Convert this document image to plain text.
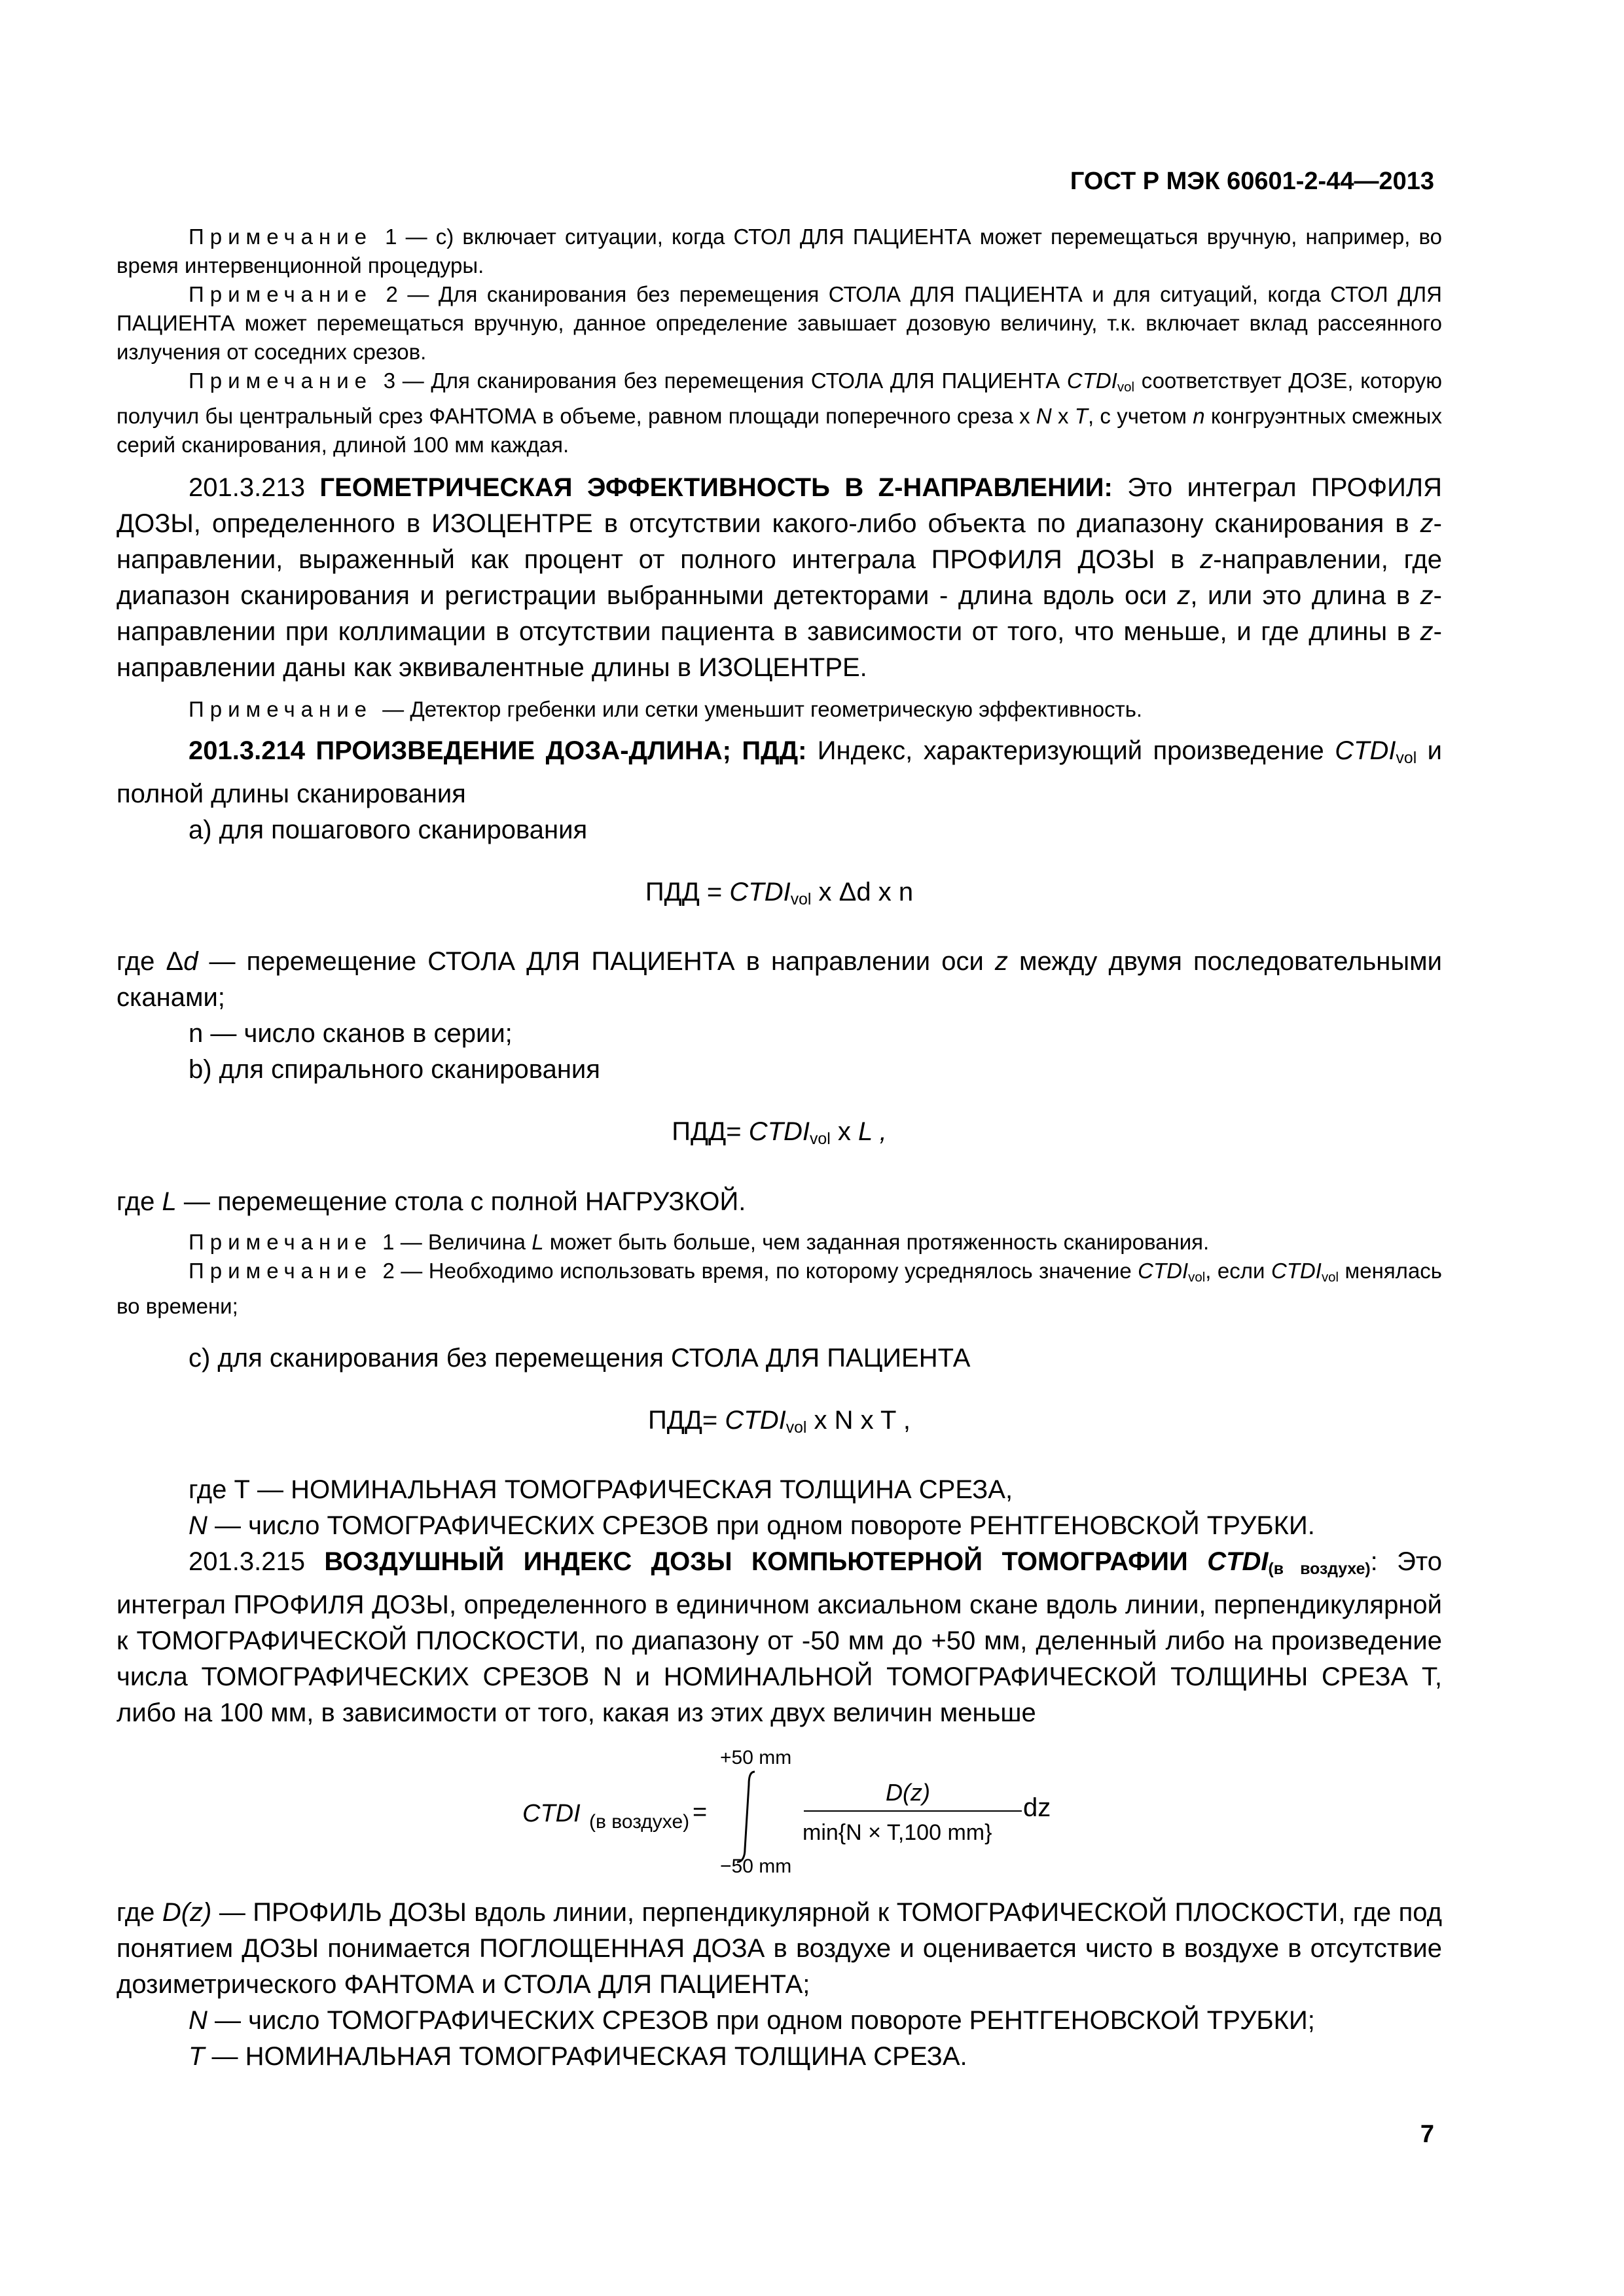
ГОСТ Р МЭК 60601-2-44—2013

Примечание 1 — с) включает ситуации, когда СТОЛ ДЛЯ ПАЦИЕНТА может перемещаться вручную, например, во время интервенционной процедуры.

Примечание 2 — Для сканирования без перемещения СТОЛА ДЛЯ ПАЦИЕНТА и для ситуаций, когда СТОЛ ДЛЯ ПАЦИЕНТА может перемещаться вручную, данное определение завышает дозовую величину, т.к. включает вклад рассеянного излучения от соседних срезов.

Примечание 3 — Для сканирования без перемещения СТОЛА ДЛЯ ПАЦИЕНТА $CTDI_{vol}$ соответствует ДОЗЕ, которую получил бы центральный срез ФАНТОМА в объеме, равном площади поперечного среза х N х T, с учетом n конгруэнтных смежных серий сканирования, длиной 100 мм каждая.

201.3.213 ГЕОМЕТРИЧЕСКАЯ ЭФФЕКТИВНОСТЬ В Z-НАПРАВЛЕНИИ: Это интеграл ПРОФИЛЯ ДОЗЫ, определенного в ИЗОЦЕНТРЕ в отсутствии какого-либо объекта по диапазону сканирования в z-направлении, выраженный как процент от полного интеграла ПРОФИЛЯ ДОЗЫ в z-направлении, где диапазон сканирования и регистрации выбранными детекторами - длина вдоль оси z, или это длина в z-направлении при коллимации в отсутствии пациента в зависимости от того, что меньше, и где длины в z-направлении даны как эквивалентные длины в ИЗОЦЕНТРЕ.

Примечание — Детектор гребенки или сетки уменьшит геометрическую эффективность.

201.3.214 ПРОИЗВЕДЕНИЕ ДОЗА-ДЛИНА; ПДД: Индекс, характеризующий произведение $CTDI_{vol}$ и полной длины сканирования

а) для пошагового сканирования

ПДД = $CTDI_{vol}$ x Δd x n

где Δd — перемещение СТОЛА ДЛЯ ПАЦИЕНТА в направлении оси z между двумя последовательными сканами;

n — число сканов в серии;

b) для спирального сканирования

$ПДД= CTDI_{vol}$ x L ,

где L — перемещение стола с полной НАГРУЗКОЙ.

Примечание 1 — Величина L может быть больше, чем заданная протяженность сканирования.

Примечание 2 — Необходимо использовать время, по которому усреднялось значение $CTDI_{vol}$, если $CTDI_{vol}$ менялась во времени;

c) для сканирования без перемещения СТОЛА ДЛЯ ПАЦИЕНТА

$ПДД= CTDI_{vol}$ x N x T ,

где Т — НОМИНАЛЬНАЯ ТОМОГРАФИЧЕСКАЯ ТОЛЩИНА СРЕЗА,

N — число ТОМОГРАФИЧЕСКИХ СРЕЗОВ при одном повороте РЕНТГЕНОВСКОЙ ТРУБКИ.

201.3.215 ВОЗДУШНЫЙ ИНДЕКС ДОЗЫ КОМПЬЮТЕРНОЙ ТОМОГРАФИИ $CTDI_{(в воздухе)}$: Это интеграл ПРОФИЛЯ ДОЗЫ, определенного в единичном аксиальном скане вдоль линии, перпендикулярной к ТОМОГРАФИЧЕСКОЙ ПЛОСКОСТИ, по диапазону от -50 мм до +50 мм, деленный либо на произведение числа ТОМОГРАФИЧЕСКИХ СРЕЗОВ N и НОМИНАЛЬНОЙ ТОМОГРАФИЧЕСКОЙ ТОЛЩИНЫ СРЕЗА Т, либо на 100 мм, в зависимости от того, какая из этих двух величин меньше

CTDI (в воздухе) =
+50 mm
−50 mm
D(z)
min{N × T,100 mm}
dz

где D(z) — ПРОФИЛЬ ДОЗЫ вдоль линии, перпендикулярной к ТОМОГРАФИЧЕСКОЙ ПЛОСКОСТИ, где под понятием ДОЗЫ понимается ПОГЛОЩЕННАЯ ДОЗА в воздухе и оценивается чисто в воздухе в отсутствие дозиметрического ФАНТОМА и СТОЛА ДЛЯ ПАЦИЕНТА;

N — число ТОМОГРАФИЧЕСКИХ СРЕЗОВ при одном повороте РЕНТГЕНОВСКОЙ ТРУБКИ;

T — НОМИНАЛЬНАЯ ТОМОГРАФИЧЕСКАЯ ТОЛЩИНА СРЕЗА.

7
